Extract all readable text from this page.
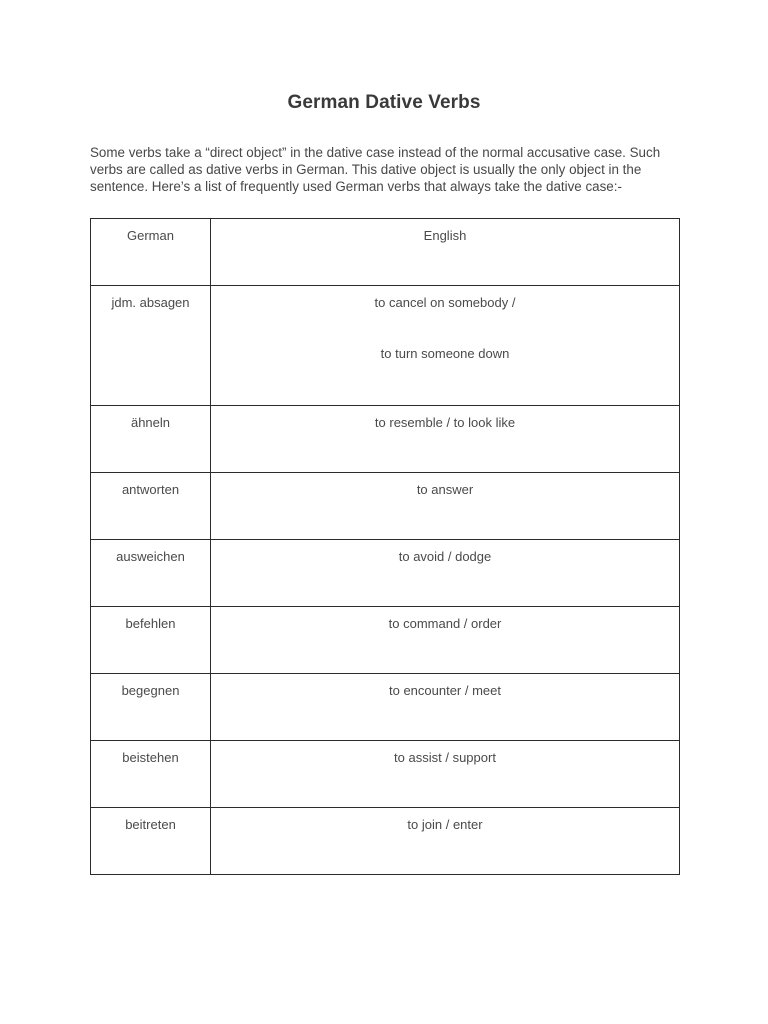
German Dative Verbs

Some verbs take a “direct object” in the dative case instead of the normal accusative case. Such verbs are called as dative verbs in German. This dative object is usually the only object in the sentence. Here’s a list of frequently used German verbs that always take the dative case:-

German	English

jdm. absagen	to cancel on somebody /
to turn someone down

ähneln	to resemble / to look like

antworten	to answer

ausweichen	to avoid / dodge

befehlen	to command / order

begegnen	to encounter / meet

beistehen	to assist / support

beitreten	to join / enter
